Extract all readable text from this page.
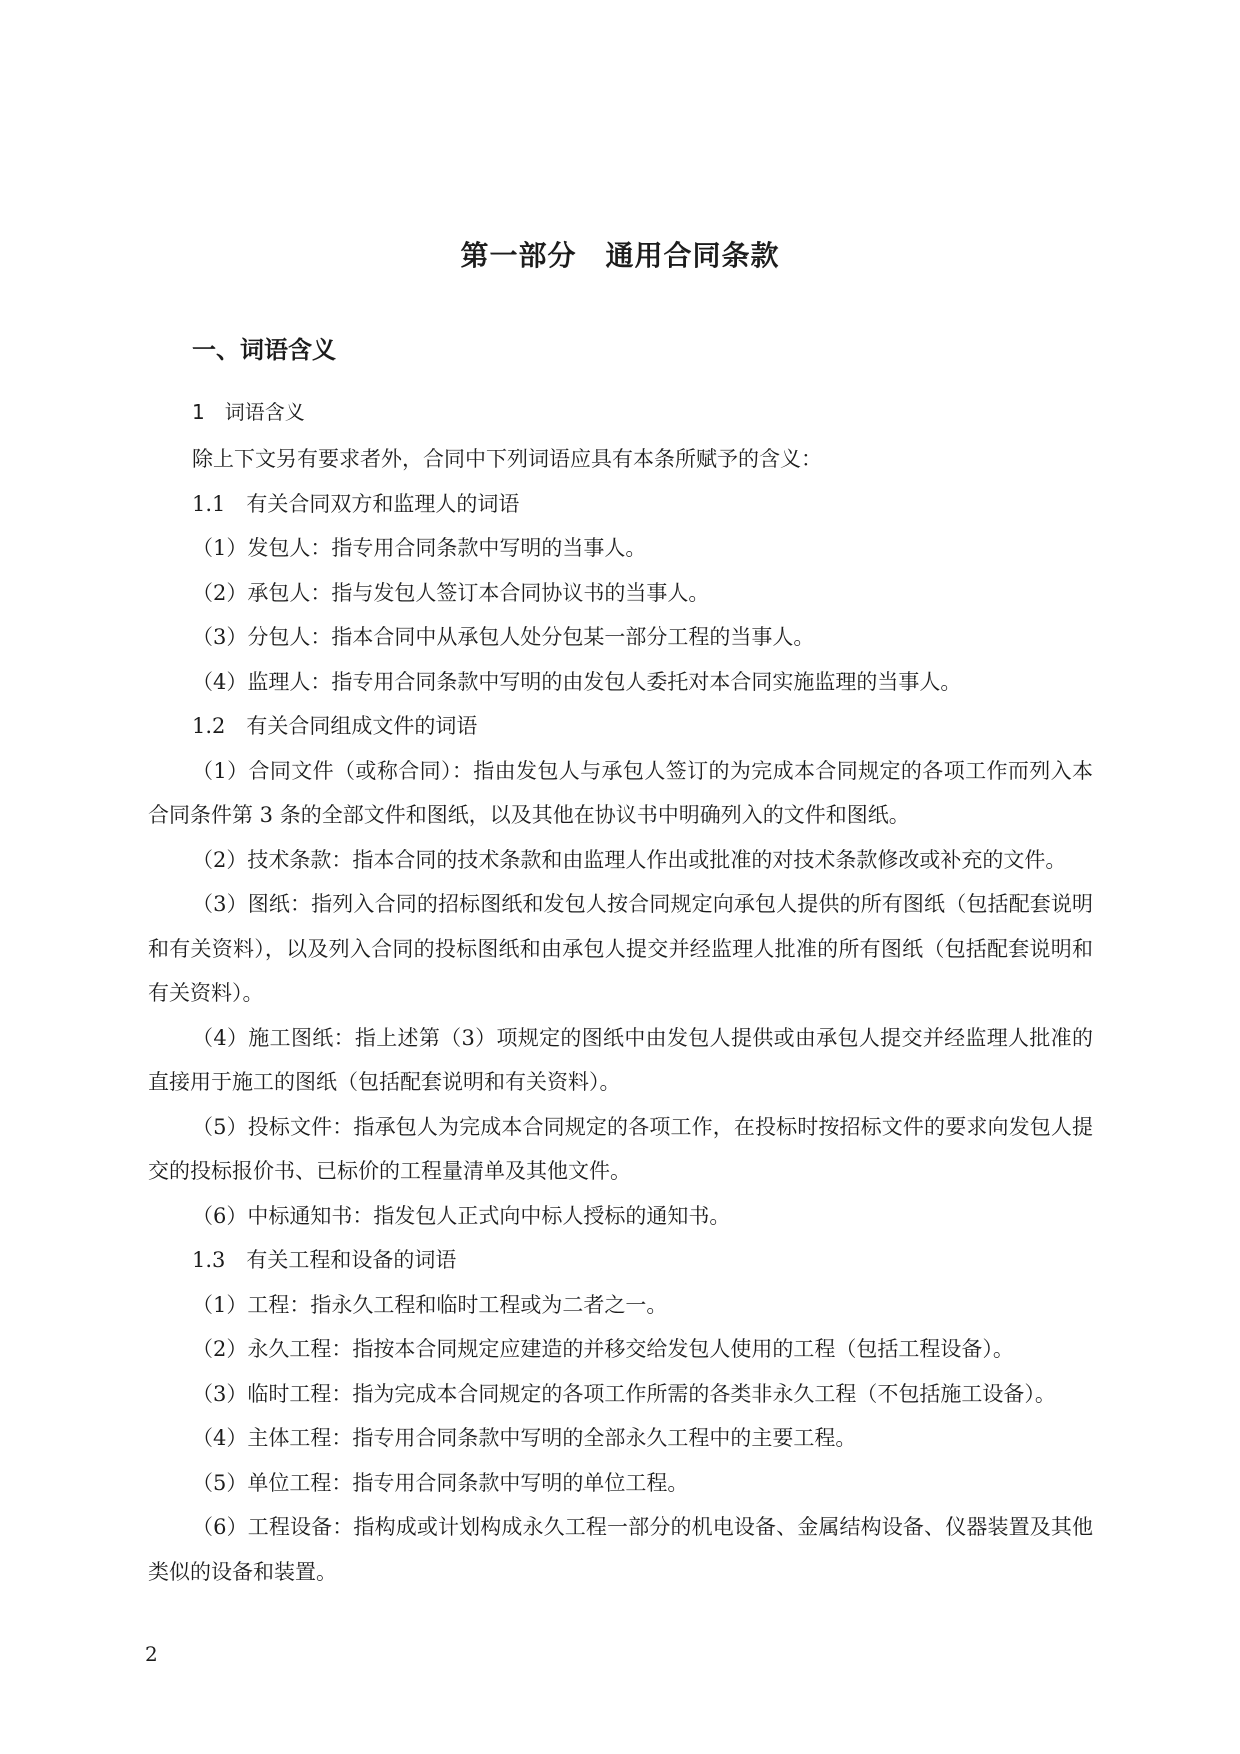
第一部分　通用合同条款
一、词语含义
1　词语含义

除上下文另有要求者外，合同中下列词语应具有本条所赋予的含义：

1.1　有关合同双方和监理人的词语

（1）发包人：指专用合同条款中写明的当事人。

（2）承包人：指与发包人签订本合同协议书的当事人。

（3）分包人：指本合同中从承包人处分包某一部分工程的当事人。

（4）监理人：指专用合同条款中写明的由发包人委托对本合同实施监理的当事人。

1.2　有关合同组成文件的词语

（1）合同文件（或称合同）：指由发包人与承包人签订的为完成本合同规定的各项工作而列入本合同条件第 3 条的全部文件和图纸，以及其他在协议书中明确列入的文件和图纸。

（2）技术条款：指本合同的技术条款和由监理人作出或批准的对技术条款修改或补充的文件。

（3）图纸：指列入合同的招标图纸和发包人按合同规定向承包人提供的所有图纸（包括配套说明和有关资料），以及列入合同的投标图纸和由承包人提交并经监理人批准的所有图纸（包括配套说明和有关资料）。

（4）施工图纸：指上述第（3）项规定的图纸中由发包人提供或由承包人提交并经监理人批准的直接用于施工的图纸（包括配套说明和有关资料）。

（5）投标文件：指承包人为完成本合同规定的各项工作，在投标时按招标文件的要求向发包人提交的投标报价书、已标价的工程量清单及其他文件。

（6）中标通知书：指发包人正式向中标人授标的通知书。

1.3　有关工程和设备的词语

（1）工程：指永久工程和临时工程或为二者之一。

（2）永久工程：指按本合同规定应建造的并移交给发包人使用的工程（包括工程设备）。

（3）临时工程：指为完成本合同规定的各项工作所需的各类非永久工程（不包括施工设备）。

（4）主体工程：指专用合同条款中写明的全部永久工程中的主要工程。

（5）单位工程：指专用合同条款中写明的单位工程。

（6）工程设备：指构成或计划构成永久工程一部分的机电设备、金属结构设备、仪器装置及其他类似的设备和装置。

2
